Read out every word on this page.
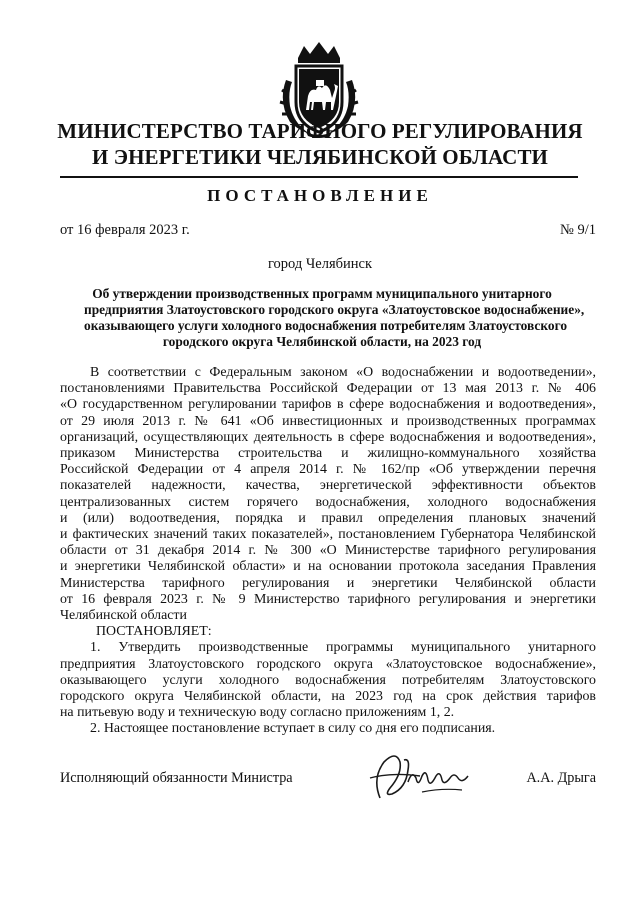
МИНИСТЕРСТВО ТАРИФНОГО РЕГУЛИРОВАНИЯ
И ЭНЕРГЕТИКИ ЧЕЛЯБИНСКОЙ ОБЛАСТИ
ПОСТАНОВЛЕНИЕ
от 16 февраля 2023 г.	№ 9/1
город Челябинск
Об утверждении производственных программ муниципального унитарного
предприятия Златоустовского городского округа «Златоустовское водоснабжение»,
оказывающего услуги холодного водоснабжения потребителям Златоустовского
городского округа Челябинской области, на 2023 год
В соответствии с Федеральным законом «О водоснабжении и водоотведении»,
постановлениями Правительства Российской Федерации от 13 мая 2013 г. № 406
«О государственном регулировании тарифов в сфере водоснабжения и водоотведения»,
от 29 июля 2013 г. № 641 «Об инвестиционных и производственных программах
организаций, осуществляющих деятельность в сфере водоснабжения и водоотведения»,
приказом Министерства строительства и жилищно-коммунального хозяйства
Российской Федерации от 4 апреля 2014 г. № 162/пр «Об утверждении перечня
показателей надежности, качества, энергетической эффективности объектов
централизованных систем горячего водоснабжения, холодного водоснабжения
и (или) водоотведения, порядка и правил определения плановых значений
и фактических значений таких показателей», постановлением Губернатора Челябинской
области от 31 декабря 2014 г. № 300 «О Министерстве тарифного регулирования
и энергетики Челябинской области» и на основании протокола заседания Правления
Министерства тарифного регулирования и энергетики Челябинской области
от 16 февраля 2023 г. № 9 Министерство тарифного регулирования и энергетики
Челябинской области
ПОСТАНОВЛЯЕТ:
1. Утвердить производственные программы муниципального унитарного
предприятия Златоустовского городского округа «Златоустовское водоснабжение»,
оказывающего услуги холодного водоснабжения потребителям Златоустовского
городского округа Челябинской области, на 2023 год на срок действия тарифов
на питьевую воду и техническую воду согласно приложениям 1, 2.
2. Настоящее постановление вступает в силу со дня его подписания.
Исполняющий обязанности Министра	А.А. Дрыга
